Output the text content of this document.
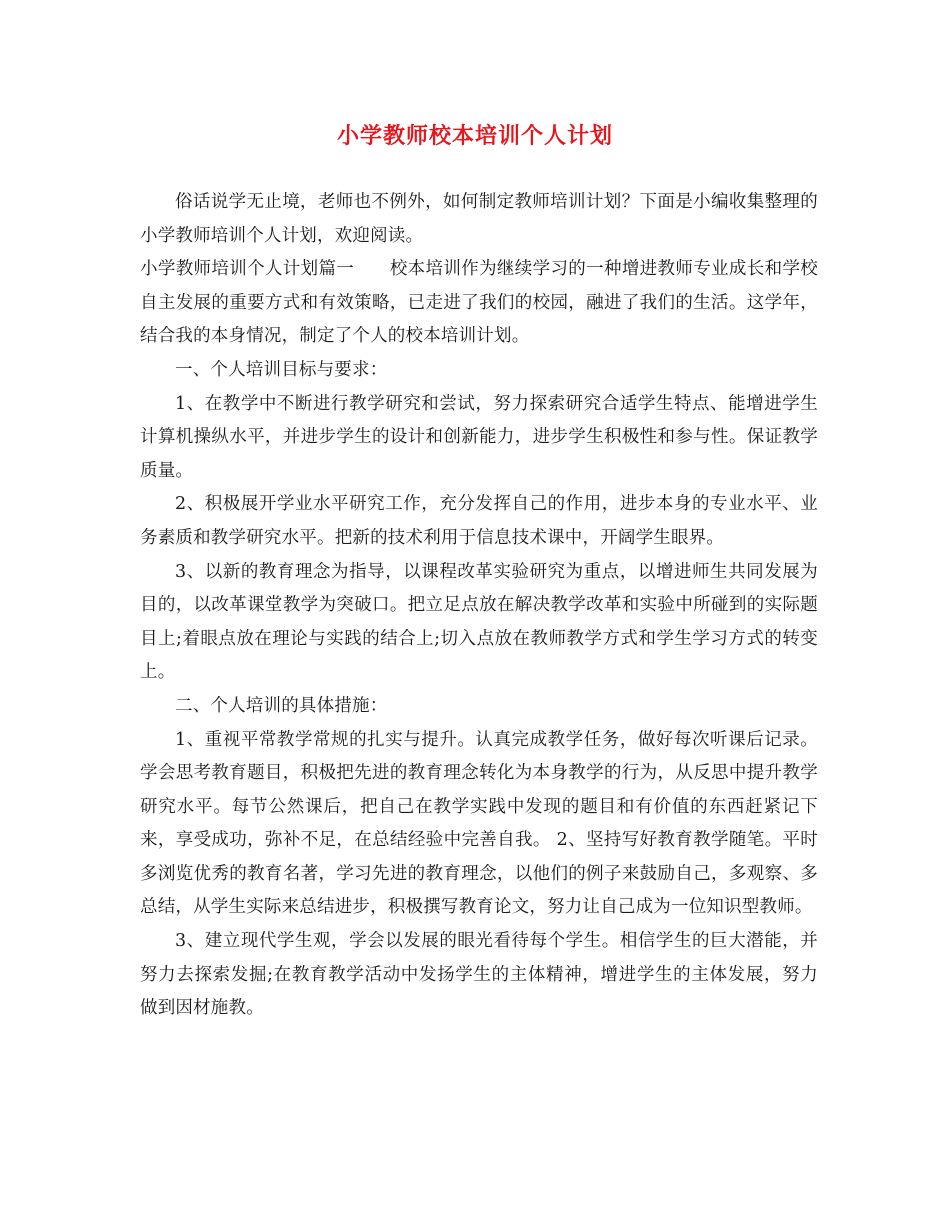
小学教师校本培训个人计划

俗话说学无止境，老师也不例外，如何制定教师培训计划？下面是小编收集整理的小学教师培训个人计划，欢迎阅读。

小学教师培训个人计划篇一　　校本培训作为继续学习的一种增进教师专业成长和学校自主发展的重要方式和有效策略，已走进了我们的校园，融进了我们的生活。这学年，结合我的本身情况，制定了个人的校本培训计划。

一、个人培训目标与要求：

1、在教学中不断进行教学研究和尝试，努力探索研究合适学生特点、能增进学生计算机操纵水平，并进步学生的设计和创新能力，进步学生积极性和参与性。保证教学质量。

2、积极展开学业水平研究工作，充分发挥自己的作用，进步本身的专业水平、业务素质和教学研究水平。把新的技术利用于信息技术课中，开阔学生眼界。

3、以新的教育理念为指导，以课程改革实验研究为重点，以增进师生共同发展为目的，以改革课堂教学为突破口。把立足点放在解决教学改革和实验中所碰到的实际题目上;着眼点放在理论与实践的结合上;切入点放在教师教学方式和学生学习方式的转变上。

二、个人培训的具体措施：

1、重视平常教学常规的扎实与提升。认真完成教学任务，做好每次听课后记录。学会思考教育题目，积极把先进的教育理念转化为本身教学的行为，从反思中提升教学研究水平。每节公然课后，把自己在教学实践中发现的题目和有价值的东西赶紧记下来，享受成功，弥补不足，在总结经验中完善自我。 2、坚持写好教育教学随笔。平时多浏览优秀的教育名著，学习先进的教育理念，以他们的例子来鼓励自己，多观察、多总结，从学生实际来总结进步，积极撰写教育论文，努力让自己成为一位知识型教师。

3、建立现代学生观，学会以发展的眼光看待每个学生。相信学生的巨大潜能，并努力去探索发掘;在教育教学活动中发扬学生的主体精神，增进学生的主体发展，努力做到因材施教。
